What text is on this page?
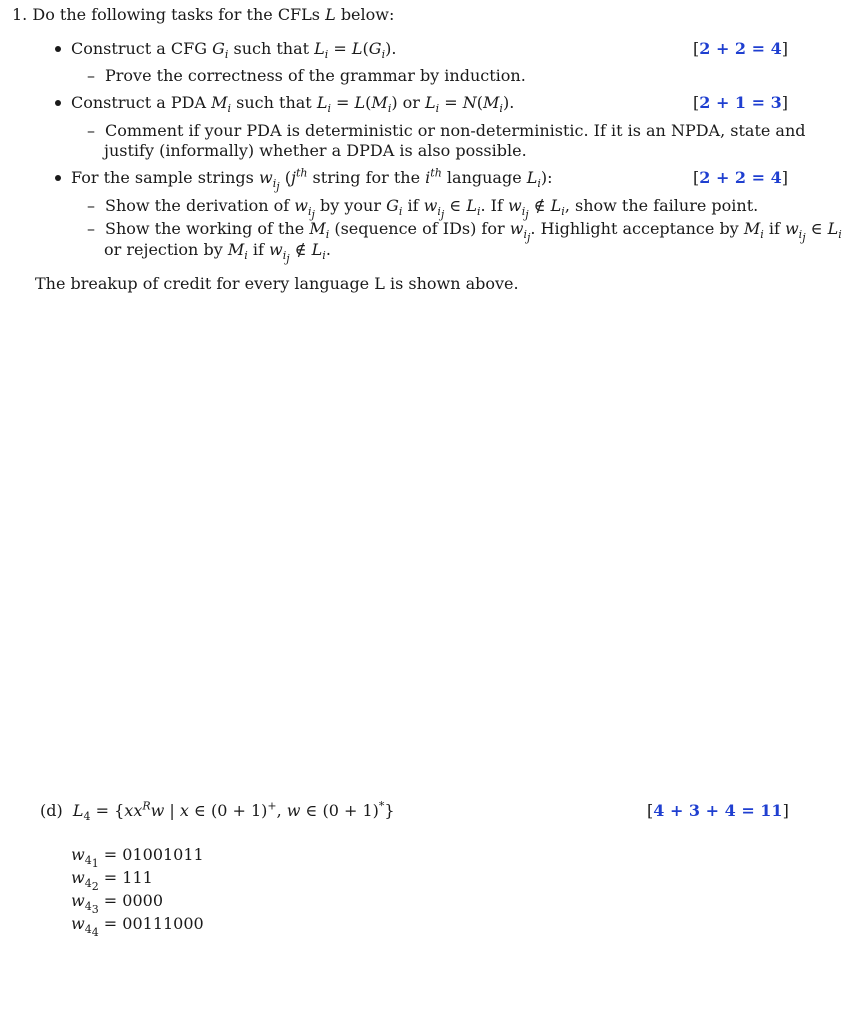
1. Do the following tasks for the CFLs L below:
Construct a CFG $G_i$ such that $L_i = L(G_i)$.	[2 + 2 = 4]
– Prove the correctness of the grammar by induction.
Construct a PDA $M_i$ such that $L_i = L(M_i)$ or $L_i = N(M_i)$.	[2 + 1 = 3]
– Comment if your PDA is deterministic or non-deterministic. If it is an NPDA, state and
justify (informally) whether a DPDA is also possible.
For the sample strings $w_{i_j}$ ($j^{th}$ string for the $i^{th}$ language $L_i$):	[2 + 2 = 4]
– Show the derivation of $w_{i_j}$ by your $G_i$ if $w_{i_j}$ ∈ $L_i$. If $w_{i_j}$ ∉ $L_i$, show the failure point.
– Show the working of the $M_i$ (sequence of IDs) for $w_{i_j}$. Highlight acceptance by $M_i$ if $w_{i_j}$ ∈ $L_i$
or rejection by $M_i$ if $w_{i_j}$ ∉ $L_i$.
The breakup of credit for every language L is shown above.
(d) $L_4 = \{xx^Rw$ | x ∈ (0 + 1)+, w ∈ (0 + 1)*}	[4 + 3 + 4 = 11]
$w_{4_1} = 01001011$
$w_{4_2} = 111$
$w_{4_3} = 0000$
$w_{4_4} = 00111000$
